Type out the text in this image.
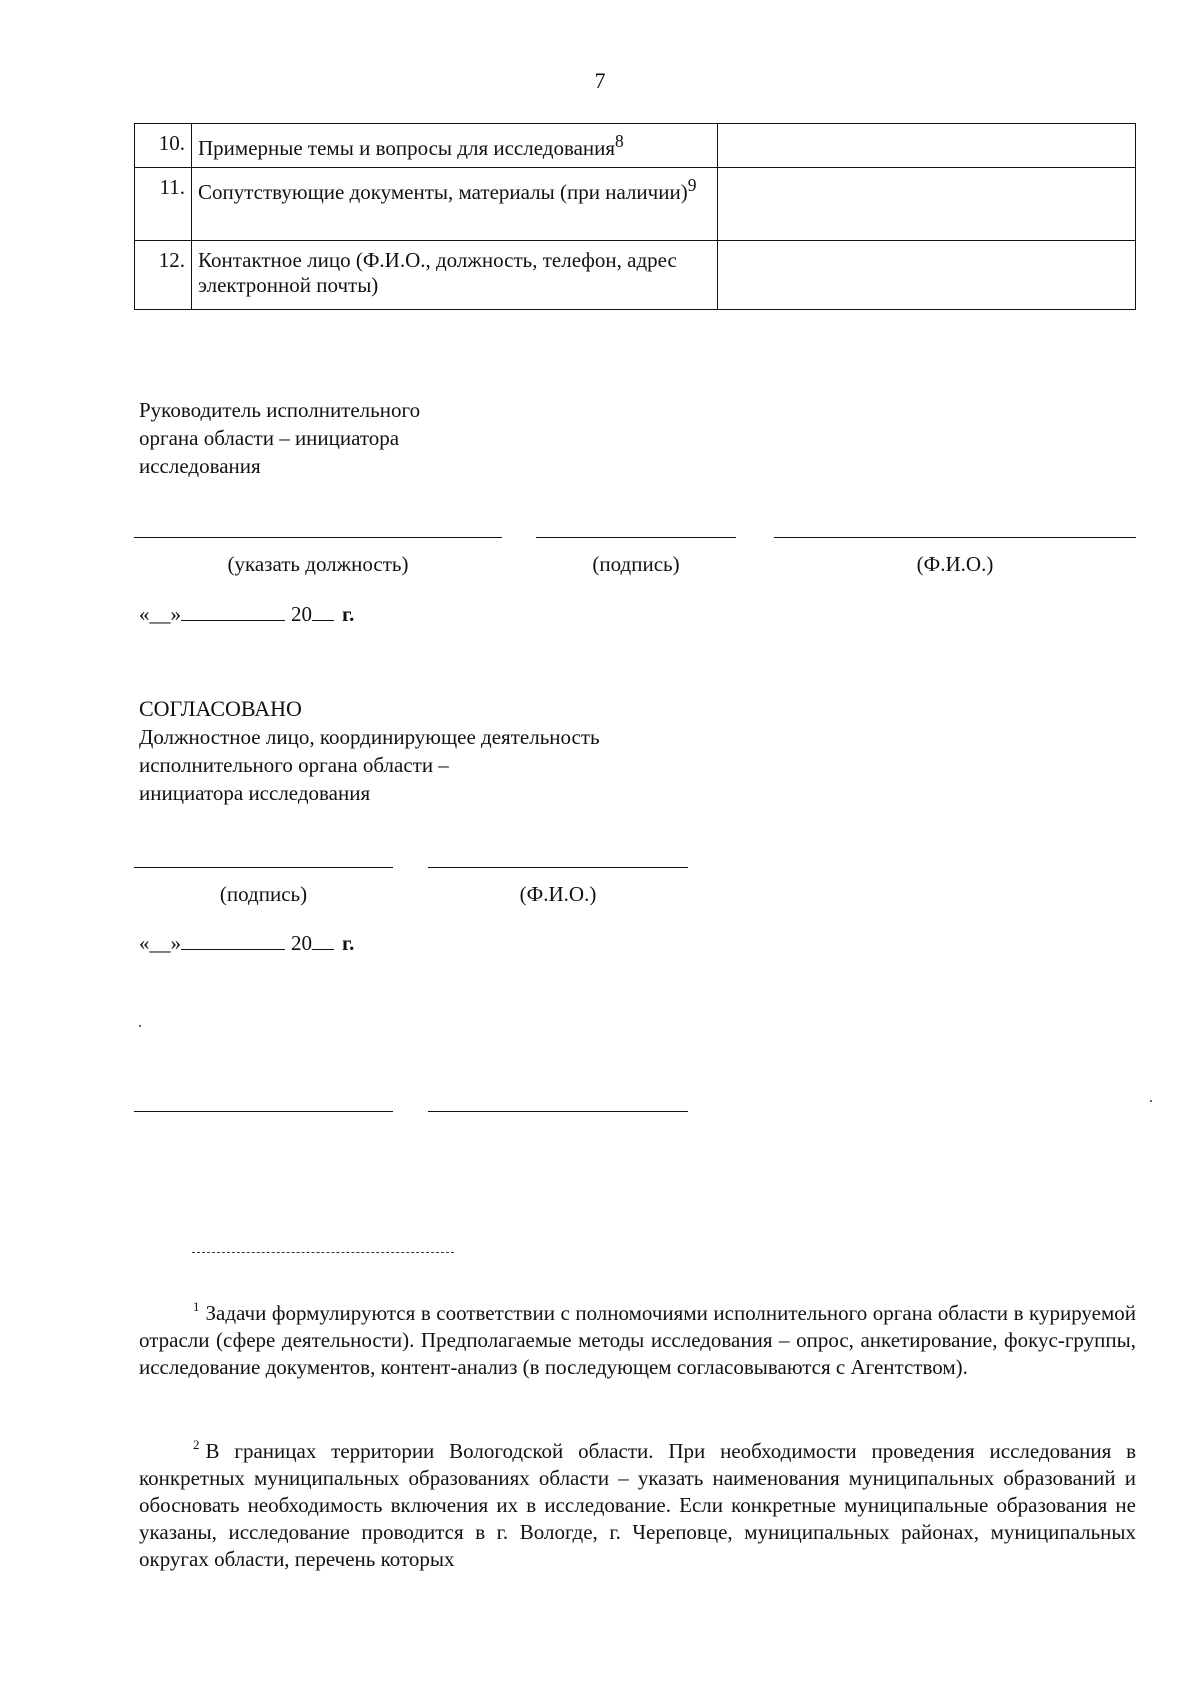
7
10.	Примерные темы и вопросы для исследования$^8$	
11.	Сопутствующие документы, материалы (при наличии)$^9$	
12.	Контактное лицо (Ф.И.О., должность, телефон, адрес электронной почты)	
Руководитель исполнительного
органа области – инициатора
исследования
(указать должность)	(подпись)	(Ф.И.О.)
«__»	20 г.
СОГЛАСОВАНО
Должностное лицо, координирующее деятельность
исполнительного органа области –
инициатора исследования
(подпись)	(Ф.И.О.)
«__»	20 г.
$^1$ Задачи формулируются в соответствии с полномочиями исполнительного органа области в курируемой отрасли (сфере деятельности). Предполагаемые методы исследования – опрос, анкетирование, фокус-группы, исследование документов, контент-анализ (в последующем согласовываются с Агентством).
$^2$ В границах территории Вологодской области. При необходимости проведения исследования в конкретных муниципальных образованиях области – указать наименования муниципальных образований и обосновать необходимость включения их в исследование. Если конкретные муниципальные образования не указаны, исследование проводится в г. Вологде, г. Череповце, муниципальных районах, муниципальных округах области, перечень которых
